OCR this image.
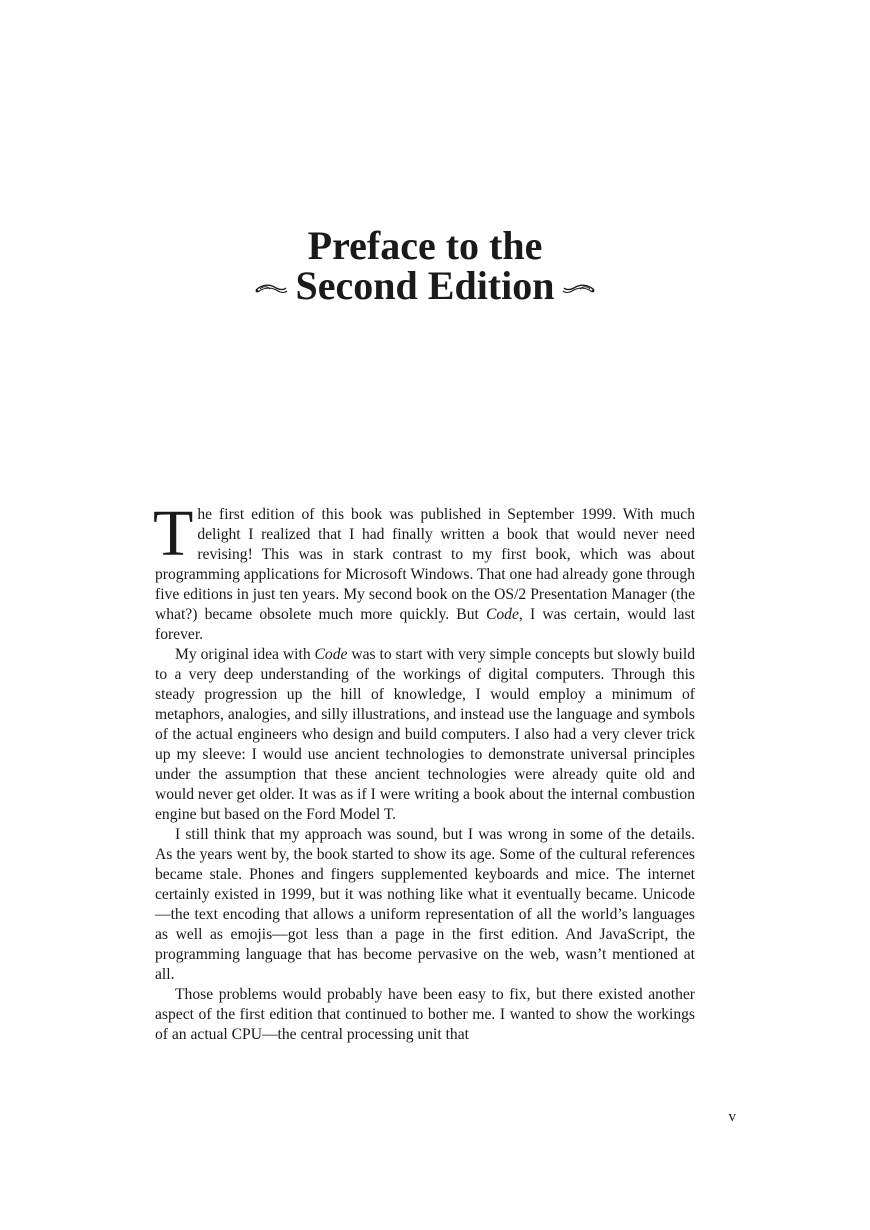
Preface to the
Second Edition

The first edition of this book was published in September 1999. With much delight I realized that I had finally written a book that would never need revising! This was in stark contrast to my first book, which was about programming applications for Microsoft Windows. That one had already gone through five editions in just ten years. My second book on the OS/2 Presentation Manager (the what?) became obsolete much more quickly. But Code, I was certain, would last forever.

My original idea with Code was to start with very simple concepts but slowly build to a very deep understanding of the workings of digital computers. Through this steady progression up the hill of knowledge, I would employ a minimum of metaphors, analogies, and silly illustrations, and instead use the language and symbols of the actual engineers who design and build computers. I also had a very clever trick up my sleeve: I would use ancient technologies to demonstrate universal principles under the assumption that these ancient technologies were already quite old and would never get older. It was as if I were writing a book about the internal combustion engine but based on the Ford Model T.

I still think that my approach was sound, but I was wrong in some of the details. As the years went by, the book started to show its age. Some of the cultural references became stale. Phones and fingers supplemented keyboards and mice. The internet certainly existed in 1999, but it was nothing like what it eventually became. Unicode—the text encoding that allows a uniform representation of all the world’s languages as well as emojis—got less than a page in the first edition. And JavaScript, the programming language that has become pervasive on the web, wasn’t mentioned at all.

Those problems would probably have been easy to fix, but there existed another aspect of the first edition that continued to bother me. I wanted to show the workings of an actual CPU—the central processing unit that

v
